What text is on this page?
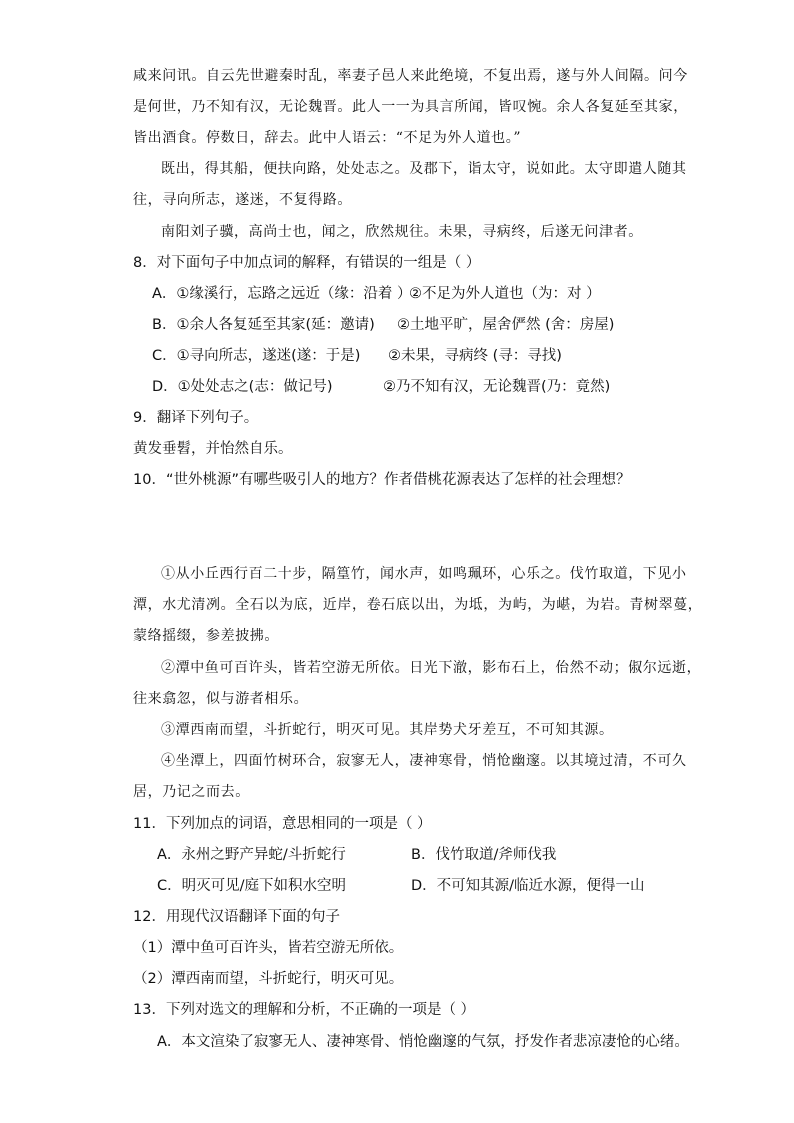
咸来问讯。自云先世避秦时乱，率妻子邑人来此绝境，不复出焉，遂与外人间隔。问今

是何世，乃不知有汉，无论魏晋。此人一一为具言所闻，皆叹惋。余人各复延至其家，

皆出酒食。停数日，辞去。此中人语云：“不足为外人道也。”

既出，得其船，便扶向路，处处志之。及郡下，诣太守，说如此。太守即遣人随其

往，寻向所志，遂迷，不复得路。

南阳刘子骥，高尚士也，闻之，欣然规往。未果，寻病终，后遂无问津者。

8．对下面句子中加点词的解释，有错误的一组是（ ）

A．①缘溪行，忘路之远近（缘：沿着 ）
②不足为外人道也（为：对 ）
B．①余人各复延至其家(延：邀请) ②土地平旷，屋舍俨然 (舍：房屋)
C．①寻向所志，遂迷(遂：于是) ②未果，寻病终 (寻：寻找)
D．①处处志之(志：做记号)	②乃不知有汉，无论魏晋(乃：竟然)

9．翻译下列句子。

黄发垂髫，并怡然自乐。

10．“世外桃源”有哪些吸引人的地方？作者借桃花源表达了怎样的社会理想？

①从小丘西行百二十步，隔篁竹，闻水声，如鸣珮环，心乐之。伐竹取道，下见小

潭，水尤清冽。全石以为底，近岸，卷石底以出，为坻，为屿，为嵁，为岩。青树翠蔓，

蒙络摇缀，参差披拂。

②潭中鱼可百许头，皆若空游无所依。日光下澈，影布石上，佁然不动；俶尔远逝，

往来翕忽，似与游者相乐。

③潭西南而望，斗折蛇行，明灭可见。其岸势犬牙差互，不可知其源。

④坐潭上，四面竹树环合，寂寥无人，凄神寒骨，悄怆幽邃。以其境过清，不可久

居，乃记之而去。

11．下列加点的词语，意思相同的一项是（ ）

A．永州之野产异蛇/斗折蛇行	B．伐竹取道/斧师伐我
C．明灭可见/庭下如积水空明	D．不可知其源/临近水源，便得一山

12．用现代汉语翻译下面的句子

（1）潭中鱼可百许头，皆若空游无所依。

（2）潭西南而望，斗折蛇行，明灭可见。

13．下列对选文的理解和分析，不正确的一项是（ ）

A．本文渲染了寂寥无人、凄神寒骨、悄怆幽邃的气氛，抒发作者悲凉凄怆的心绪。
